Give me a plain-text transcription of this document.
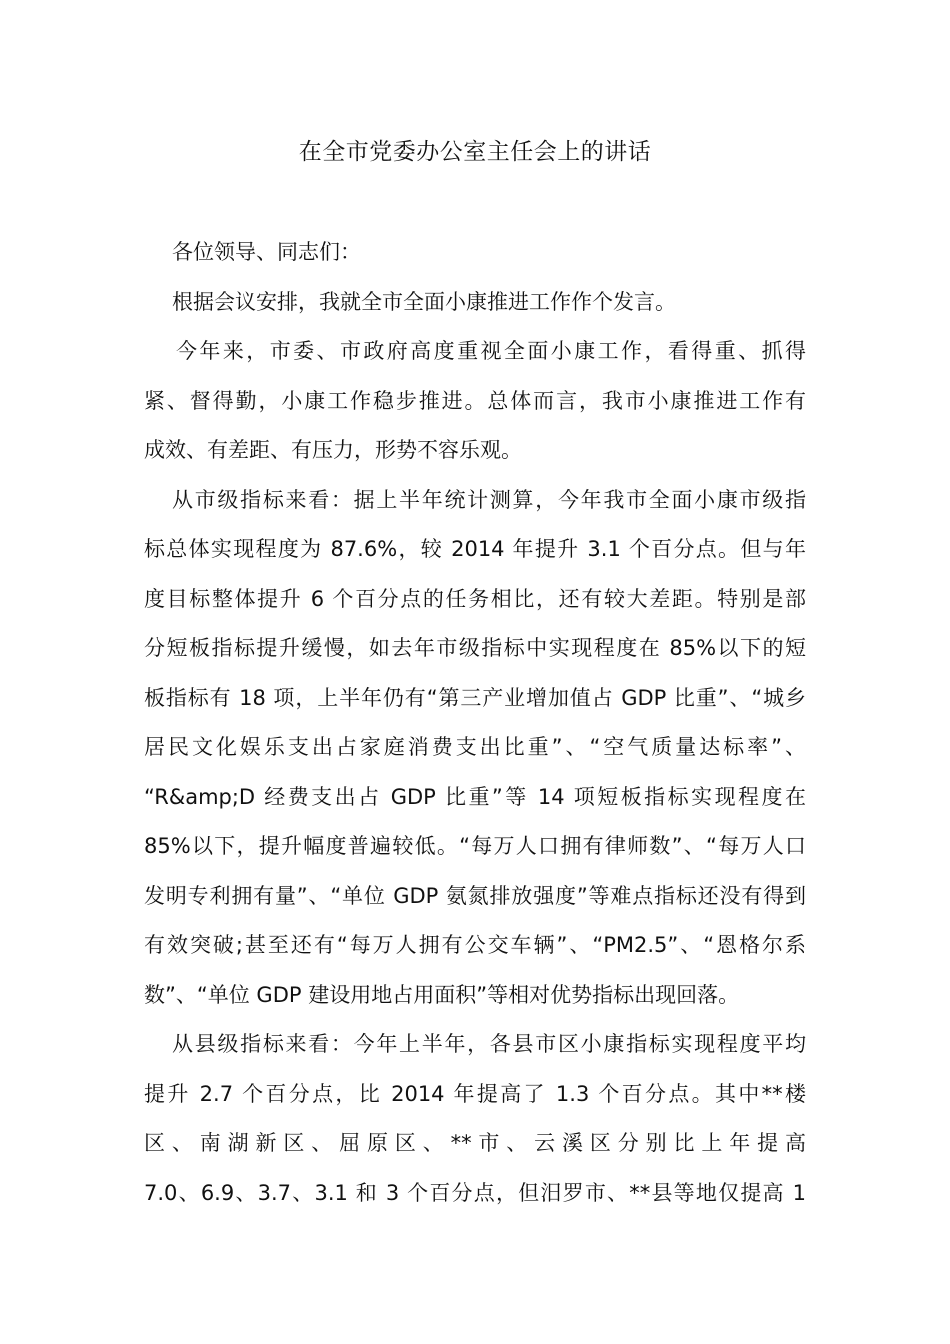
在全市党委办公室主任会上的讲话
各位领导、同志们：
根据会议安排，我就全市全面小康推进工作作个发言。
今年来，市委、市政府高度重视全面小康工作，看得重、抓得
紧、督得勤，小康工作稳步推进。总体而言，我市小康推进工作有
成效、有差距、有压力，形势不容乐观。
从市级指标来看：据上半年统计测算，今年我市全面小康市级指
标总体实现程度为 87.6%，较 2014 年提升 3.1 个百分点。但与年
度目标整体提升 6 个百分点的任务相比，还有较大差距。特别是部
分短板指标提升缓慢，如去年市级指标中实现程度在 85%以下的短
板指标有 18 项，上半年仍有“第三产业增加值占 GDP 比重”、“城乡
居民文化娱乐支出占家庭消费支出比重”、“空气质量达标率”、
“R&amp;D 经费支出占 GDP 比重”等 14 项短板指标实现程度在
85%以下，提升幅度普遍较低。“每万人口拥有律师数”、“每万人口
发明专利拥有量”、“单位 GDP 氨氮排放强度”等难点指标还没有得到
有效突破;甚至还有“每万人拥有公交车辆”、“PM2.5”、“恩格尔系
数”、“单位 GDP 建设用地占用面积”等相对优势指标出现回落。
从县级指标来看：今年上半年，各县市区小康指标实现程度平均
提升 2.7 个百分点，比 2014 年提高了 1.3 个百分点。其中**楼
区、南湖新区、屈原区、**市、云溪区分别比上年提高
7.0、6.9、3.7、3.1 和 3 个百分点，但汨罗市、**县等地仅提高 1
